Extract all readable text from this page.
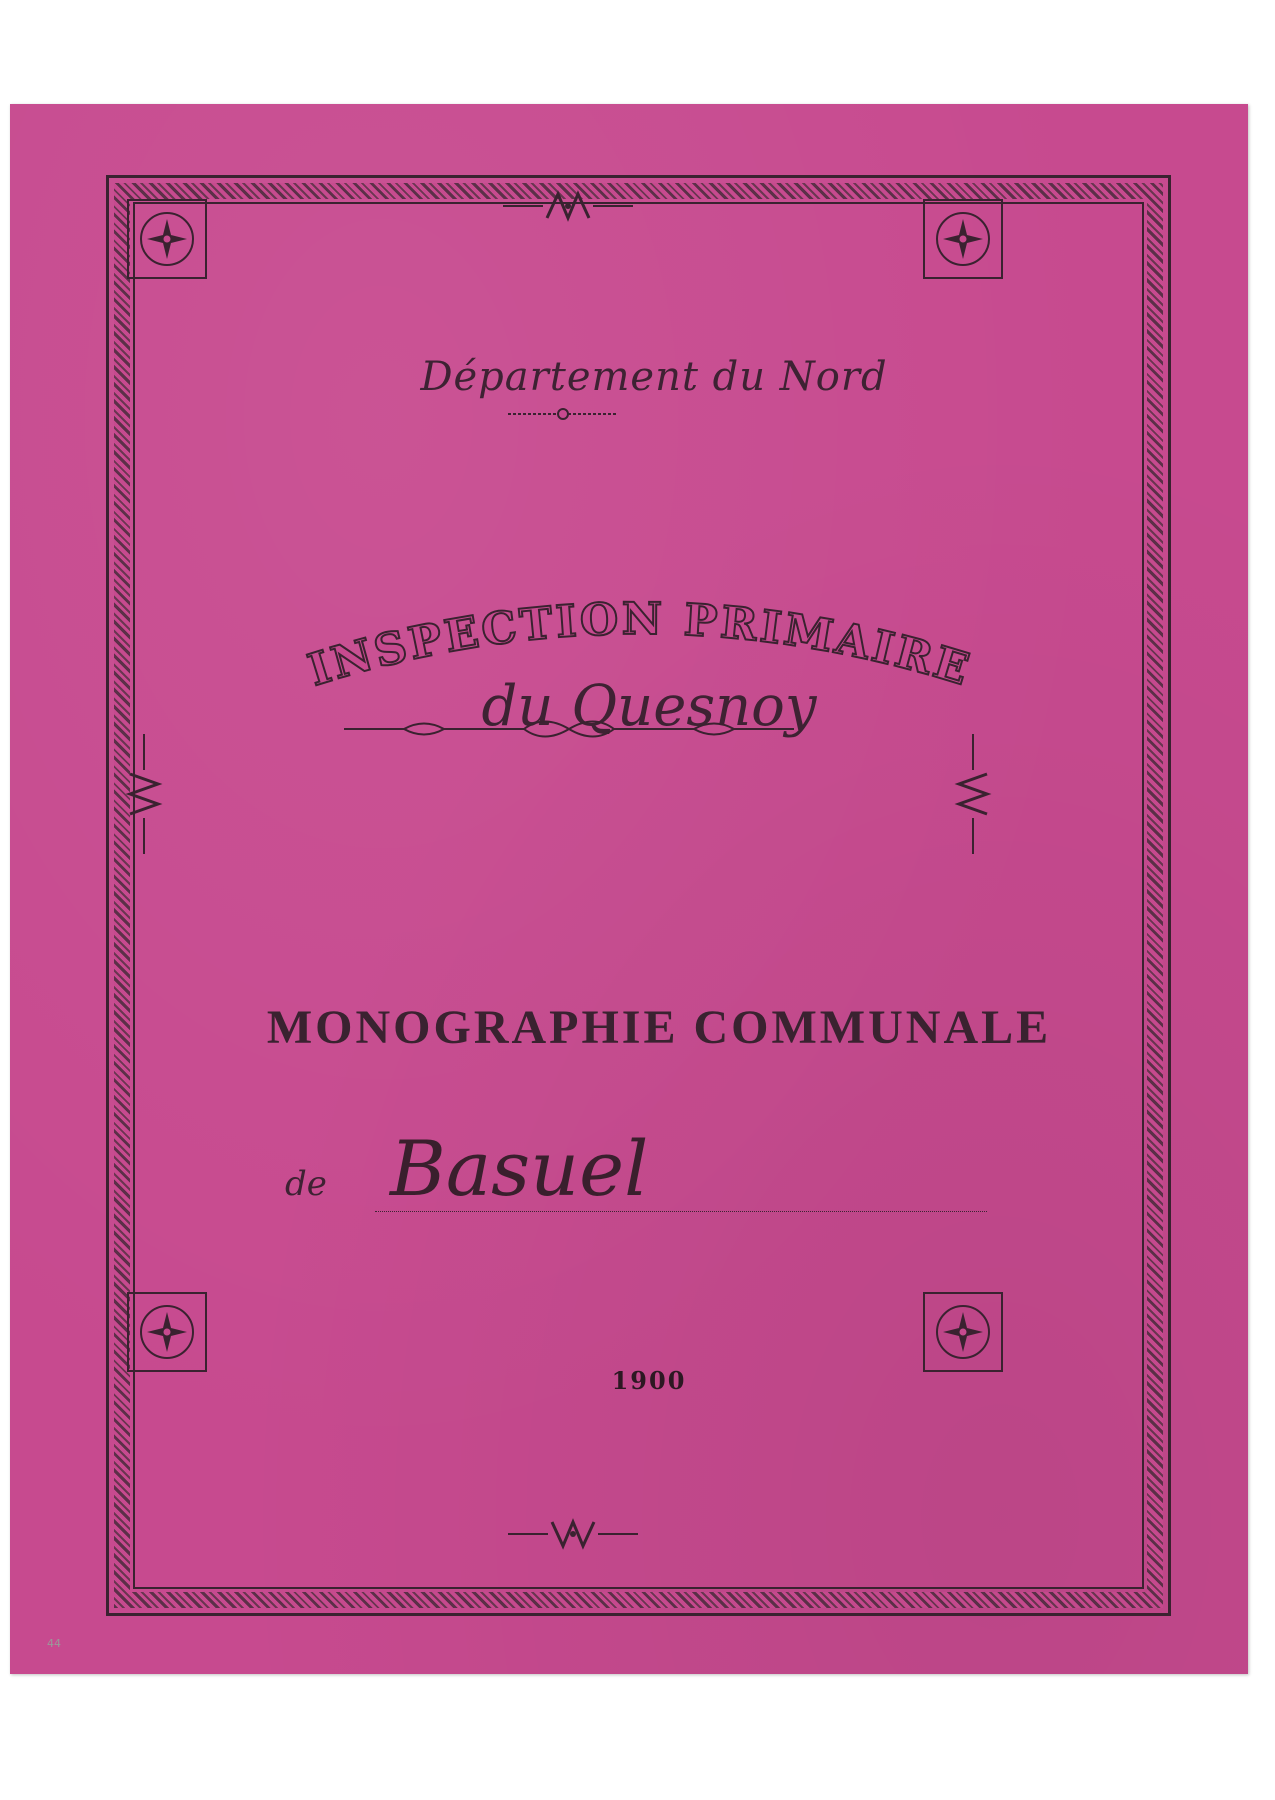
Département du Nord
INSPECTION PRIMAIRE
du Quesnoy
MONOGRAPHIE COMMUNALE
de Basuel
1900
44
